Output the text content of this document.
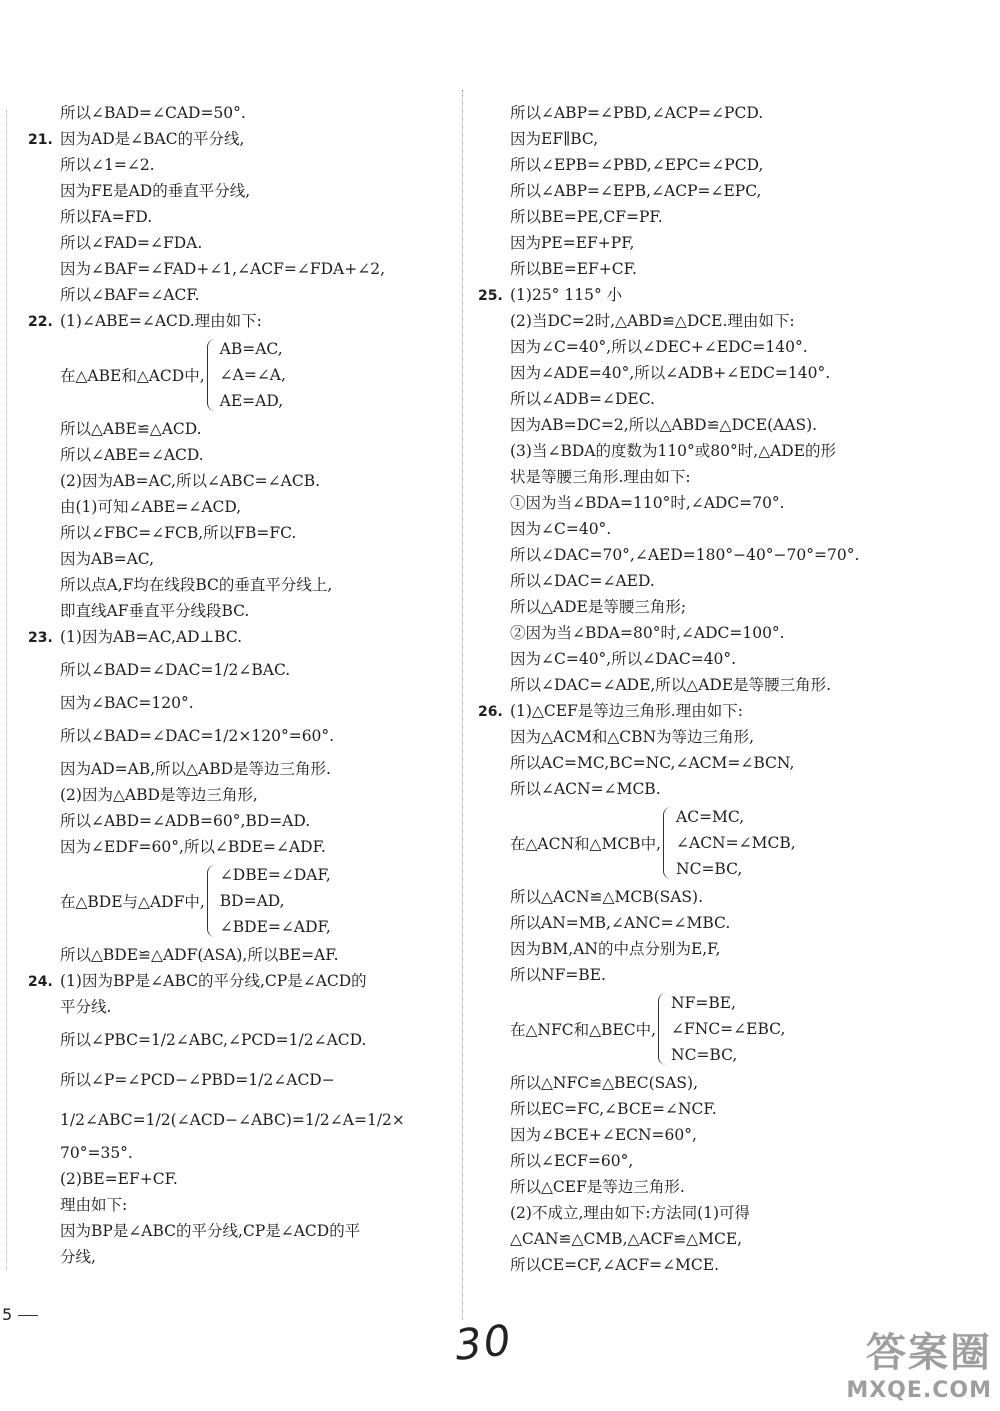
所以∠BAD=∠CAD=50°.
21. 因为AD是∠BAC的平分线,
所以∠1=∠2.
因为FE是AD的垂直平分线,
所以FA=FD.
所以∠FAD=∠FDA.
因为∠BAF=∠FAD+∠1,∠ACF=∠FDA+∠2,
所以∠BAF=∠ACF.
22. (1)∠ABE=∠ACD.理由如下:
在△ABE和△ACD中,
AB=AC,
∠A=∠A,
AE=AD,
所以△ABE≌△ACD.
所以∠ABE=∠ACD.
(2)因为AB=AC,所以∠ABC=∠ACB.
由(1)可知∠ABE=∠ACD,
所以∠FBC=∠FCB,所以FB=FC.
因为AB=AC,
所以点A,F均在线段BC的垂直平分线上,
即直线AF垂直平分线段BC.
23. (1)因为AB=AC,AD⊥BC.
所以∠BAD=∠DAC=1/2∠BAC.
因为∠BAC=120°.
所以∠BAD=∠DAC=1/2×120°=60°.
因为AD=AB,所以△ABD是等边三角形.
(2)因为△ABD是等边三角形,
所以∠ABD=∠ADB=60°,BD=AD.
因为∠EDF=60°,所以∠BDE=∠ADF.
在△BDE与△ADF中,
∠DBE=∠DAF,
BD=AD,
∠BDE=∠ADF,
所以△BDE≌△ADF(ASA),所以BE=AF.
24. (1)因为BP是∠ABC的平分线,CP是∠ACD的
平分线.
所以∠PBC=1/2∠ABC,∠PCD=1/2∠ACD.
所以∠P=∠PCD−∠PBD=1/2∠ACD−
1/2∠ABC=1/2(∠ACD−∠ABC)=1/2∠A=1/2×
70°=35°.
(2)BE=EF+CF.
理由如下:
因为BP是∠ABC的平分线,CP是∠ACD的平
分线,
所以∠ABP=∠PBD,∠ACP=∠PCD.
因为EF∥BC,
所以∠EPB=∠PBD,∠EPC=∠PCD,
所以∠ABP=∠EPB,∠ACP=∠EPC,
所以BE=PE,CF=PF.
因为PE=EF+PF,
所以BE=EF+CF.
25. (1)25° 115° 小
(2)当DC=2时,△ABD≌△DCE.理由如下:
因为∠C=40°,所以∠DEC+∠EDC=140°.
因为∠ADE=40°,所以∠ADB+∠EDC=140°.
所以∠ADB=∠DEC.
因为AB=DC=2,所以△ABD≌△DCE(AAS).
(3)当∠BDA的度数为110°或80°时,△ADE的形
状是等腰三角形.理由如下:
①因为当∠BDA=110°时,∠ADC=70°.
因为∠C=40°.
所以∠DAC=70°,∠AED=180°−40°−70°=70°.
所以∠DAC=∠AED.
所以△ADE是等腰三角形;
②因为当∠BDA=80°时,∠ADC=100°.
因为∠C=40°,所以∠DAC=40°.
所以∠DAC=∠ADE,所以△ADE是等腰三角形.
26. (1)△CEF是等边三角形.理由如下:
因为△ACM和△CBN为等边三角形,
所以AC=MC,BC=NC,∠ACM=∠BCN,
所以∠ACN=∠MCB.
在△ACN和△MCB中,
AC=MC,
∠ACN=∠MCB,
NC=BC,
所以△ACN≌△MCB(SAS).
所以AN=MB,∠ANC=∠MBC.
因为BM,AN的中点分别为E,F,
所以NF=BE.
在△NFC和△BEC中,
NF=BE,
∠FNC=∠EBC,
NC=BC,
所以△NFC≌△BEC(SAS),
所以EC=FC,∠BCE=∠NCF.
因为∠BCE+∠ECN=60°,
所以∠ECF=60°,
所以△CEF是等边三角形.
(2)不成立,理由如下:方法同(1)可得
△CAN≌△CMB,△ACF≌△MCE,
所以CE=CF,∠ACF=∠MCE.
5
30	答案圈
MXQE.COM
